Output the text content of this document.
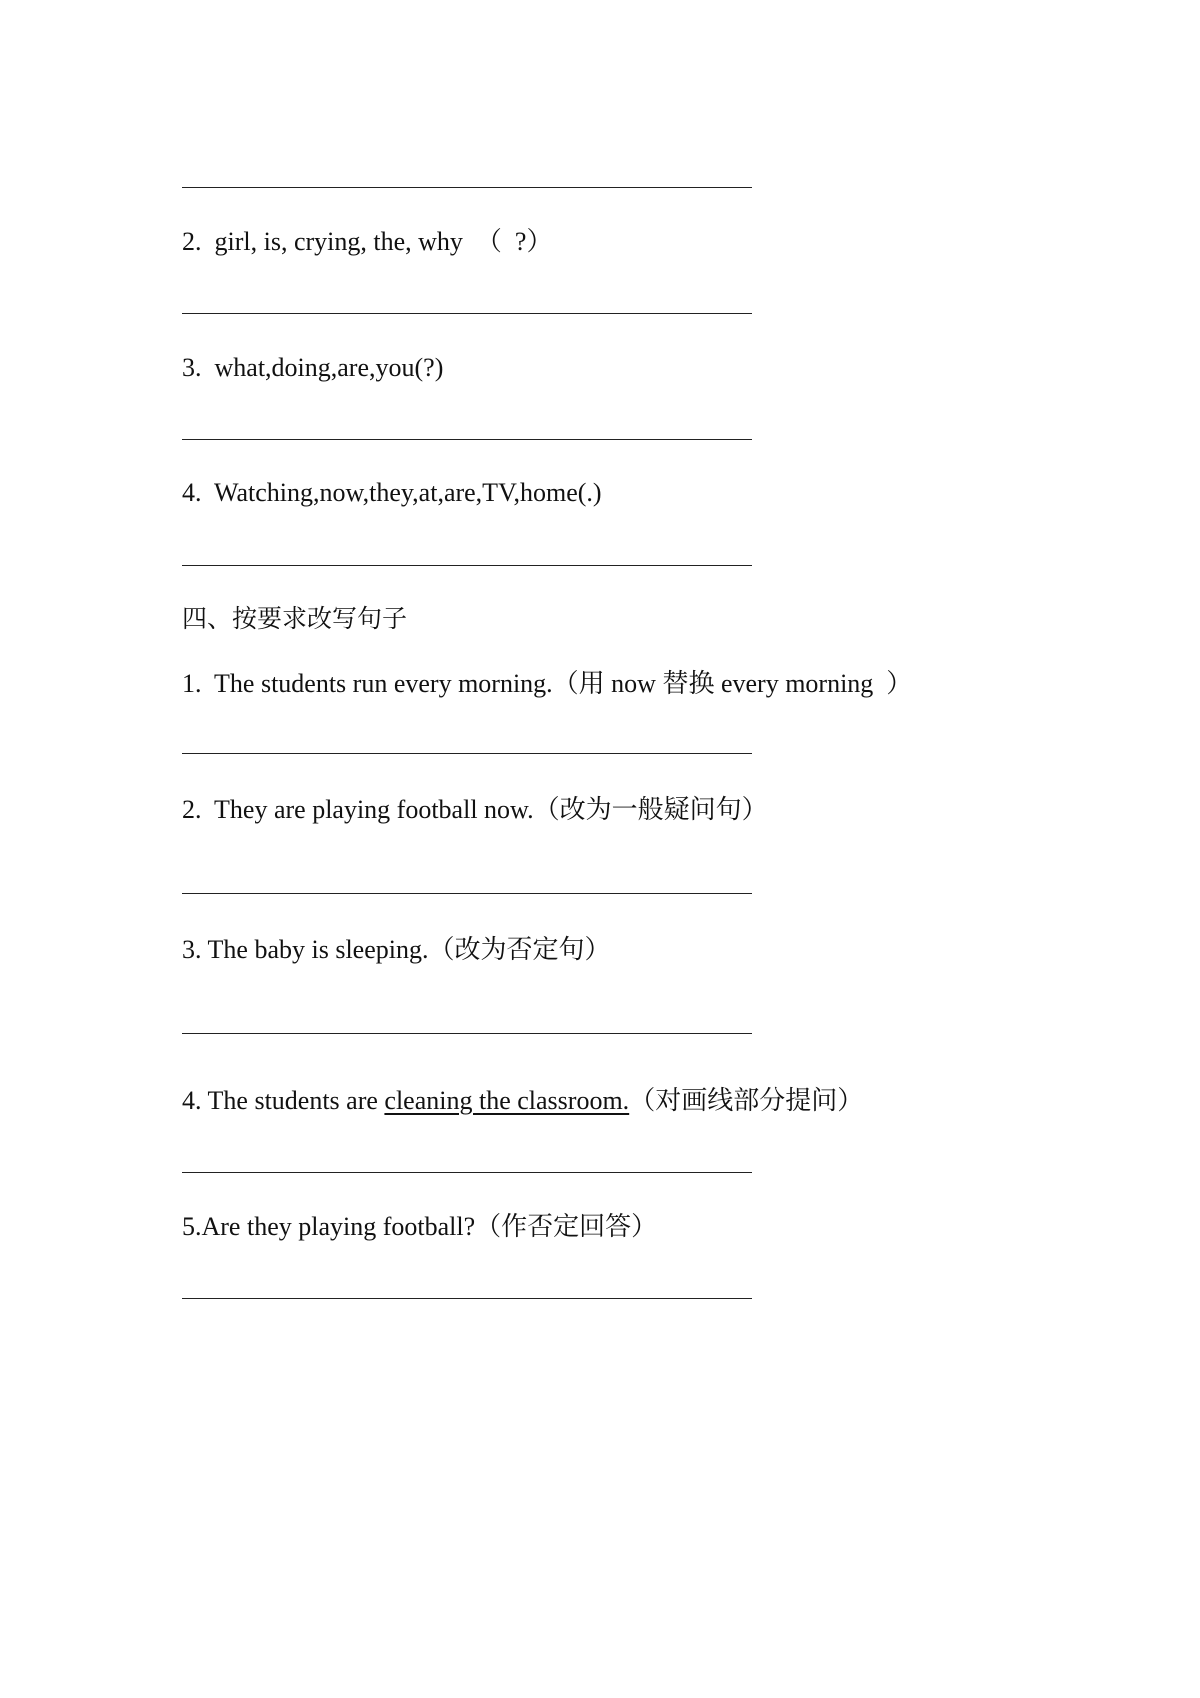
2.  girl, is, crying, the, why  （  ?）
3.  what,doing,are,you(?)
4.  Watching,now,they,at,are,TV,home(.)
四、按要求改写句子
1.  The students run every morning.（用 now 替换 every morning  ）
2.  They are playing football now.（改为一般疑问句）
3. The baby is sleeping.（改为否定句）
4. The students are cleaning the classroom.（对画线部分提问）
5.Are they playing football?（作否定回答）
